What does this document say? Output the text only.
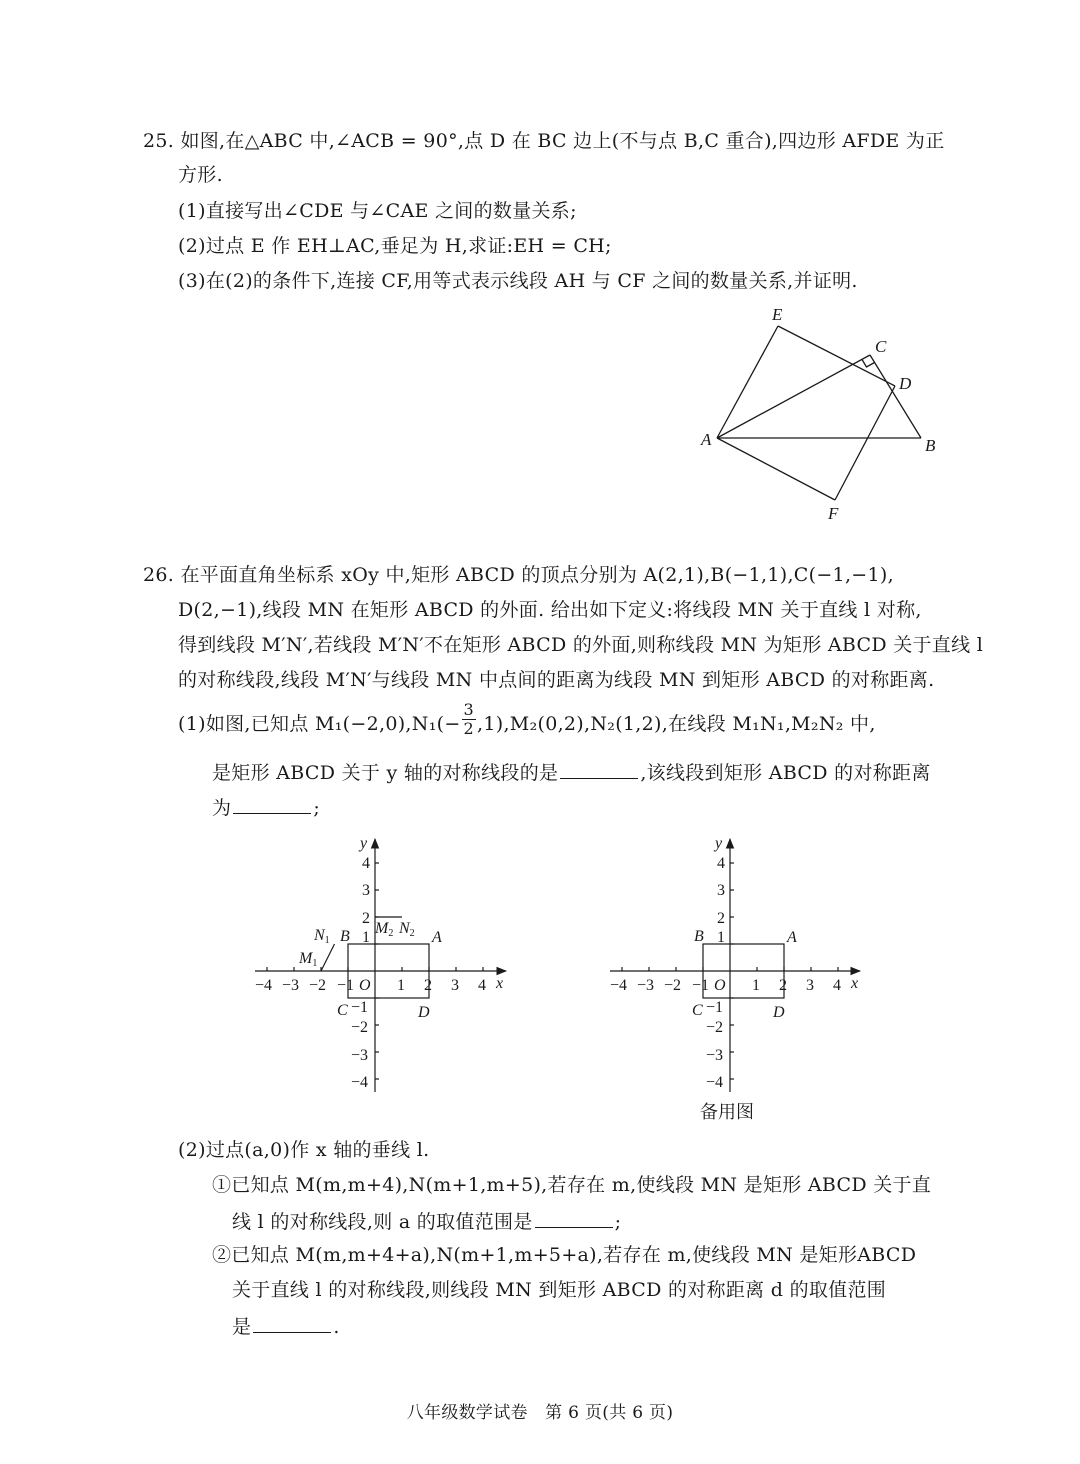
25. 如图,在△ABC 中,∠ACB = 90°,点 D 在 BC 边上(不与点 B,C 重合),四边形 AFDE 为正
方形.
(1)直接写出∠CDE 与∠CAE 之间的数量关系;
(2)过点 E 作 EH⊥AC,垂足为 H,求证:EH = CH;
(3)在(2)的条件下,连接 CF,用等式表示线段 AH 与 CF 之间的数量关系,并证明.
E
C
D
A	B
F
26. 在平面直角坐标系 xOy 中,矩形 ABCD 的顶点分别为 A(2,1),B(−1,1),C(−1,−1),
D(2,−1),线段 MN 在矩形 ABCD 的外面. 给出如下定义:将线段 MN 关于直线 l 对称,
得到线段 M′N′,若线段 M′N′不在矩形 ABCD 的外面,则称线段 MN 为矩形 ABCD 关于直线 l
的对称线段,线段 M′N′与线段 MN 中点间的距离为线段 MN 到矩形 ABCD 的对称距离.
(1)如图,已知点 $M_1(-2,0),N_1(- \frac{3}{2} ,1),M_2(0,2),N_2(1,2)$,在线段 M₁N₁,M₂N₂ 中,
是矩形 ABCD 关于 y 轴的对称线段的是	,该线段到矩形 ABCD 的对称距离
为	;
−4 −3 −2 −1 O 1 2 3 4 x
y
4
3
2
1
−1
−2
−3
−4
A
B
C	D
N1
M1
M2 N2
−4 −3 −2 −1 O 1 2 3 4 x
y
4
3
2
1
−1
−2
−3
−4
A
B
C	D
备用图
(2)过点(a,0)作 x 轴的垂线 l.
①已知点 M(m,m+4),N(m+1,m+5),若存在 m,使线段 MN 是矩形 ABCD 关于直
线 l 的对称线段,则 a 的取值范围是	;
②已知点 M(m,m+4+a),N(m+1,m+5+a),若存在 m,使线段 MN 是矩形ABCD
关于直线 l 的对称线段,则线段 MN 到矩形 ABCD 的对称距离 d 的取值范围
是	.
八年级数学试卷　第 6 页(共 6 页)
